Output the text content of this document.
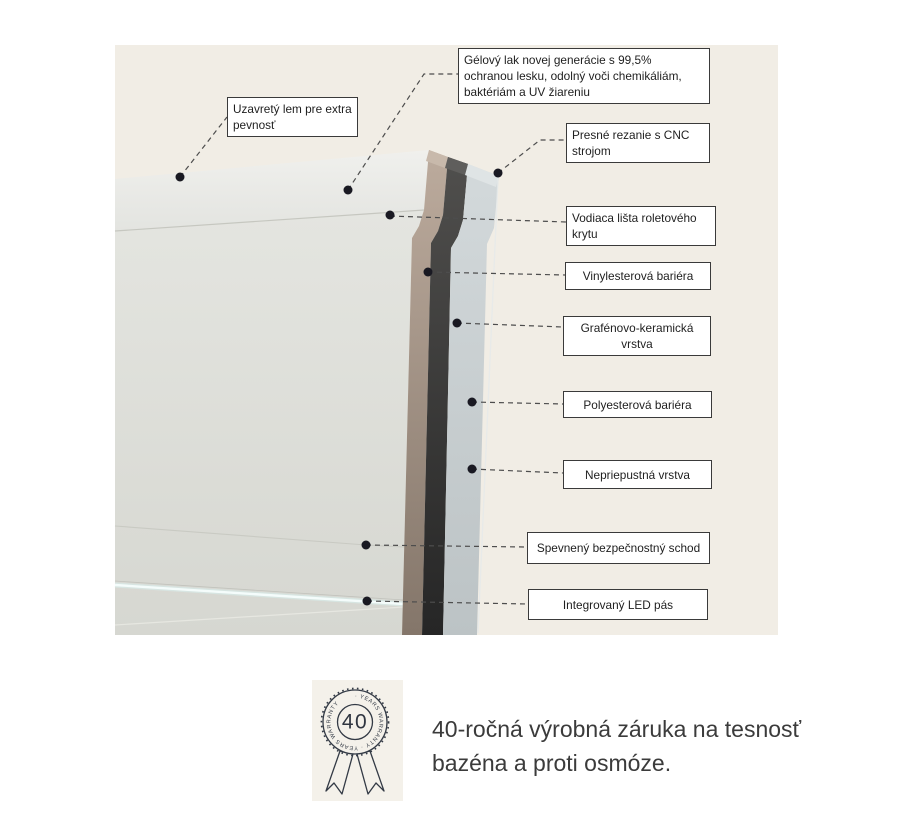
· YEARS WARRANTY · YEARS WARRANTY
40
Uzavretý lem pre extra pevnosť
Gélový lak novej generácie s 99,5% ochranou lesku, odolný voči chemikáliám, baktériám a UV žiareniu
Presné rezanie s CNC strojom
Vodiaca lišta roletového krytu
Vinylesterová bariéra
Grafénovo-keramická vrstva
Polyesterová bariéra
Nepriepustná vrstva
Spevnený bezpečnostný schod
Integrovaný LED pás
40-ročná výrobná záruka na tesnosť bazéna a proti osmóze.
